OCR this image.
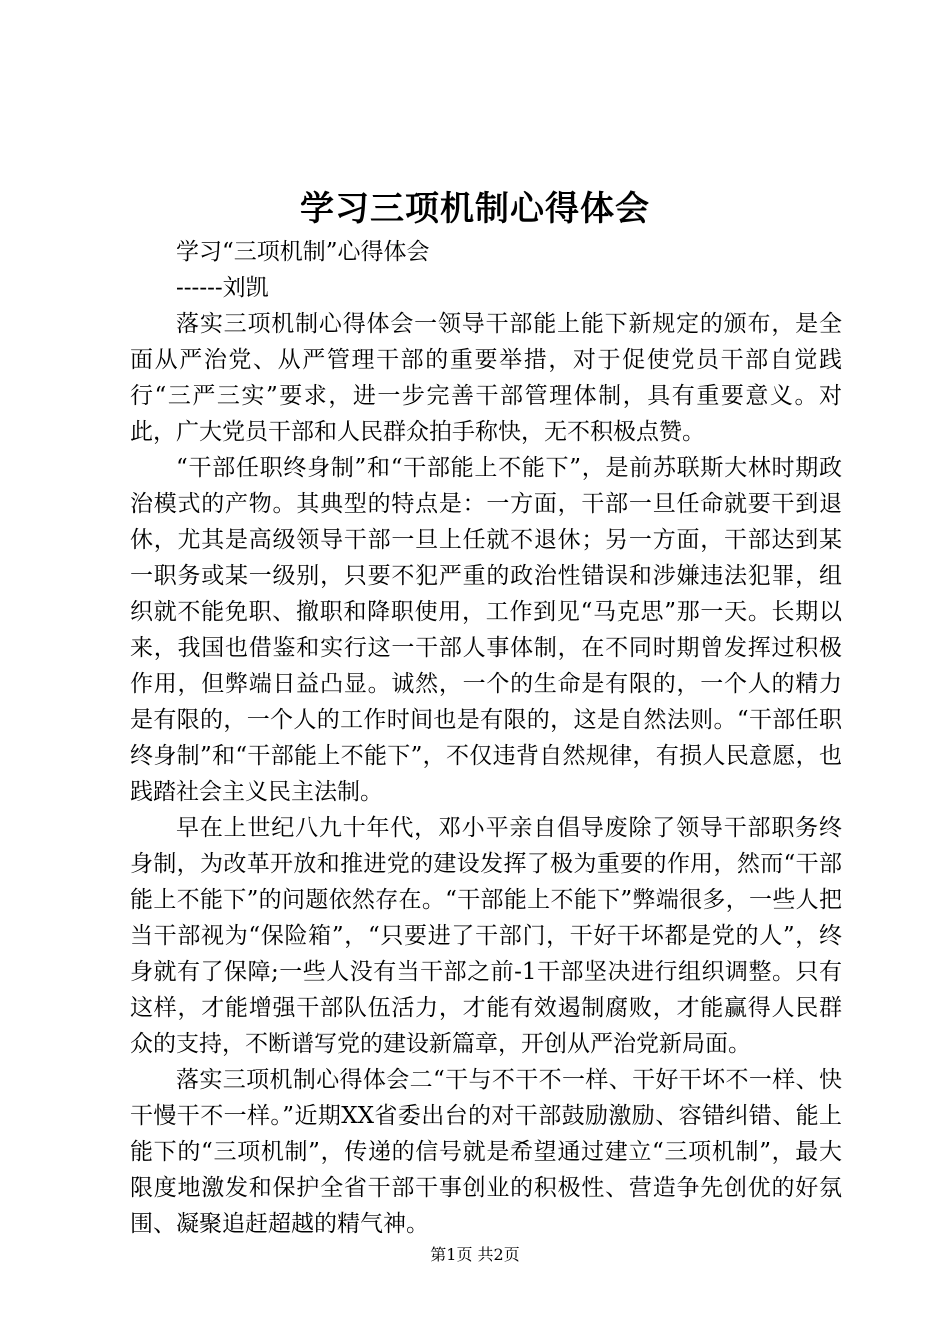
学习三项机制心得体会

学习“三项机制”心得体会

------刘凯

落实三项机制心得体会一领导干部能上能下新规定的颁布，是全面从严治党、从严管理干部的重要举措，对于促使党员干部自觉践行“三严三实”要求，进一步完善干部管理体制，具有重要意义。对此，广大党员干部和人民群众拍手称快，无不积极点赞。

“干部任职终身制”和“干部能上不能下”，是前苏联斯大林时期政治模式的产物。其典型的特点是：一方面，干部一旦任命就要干到退休，尤其是高级领导干部一旦上任就不退休；另一方面，干部达到某一职务或某一级别，只要不犯严重的政治性错误和涉嫌违法犯罪，组织就不能免职、撤职和降职使用，工作到见“马克思”那一天。长期以来，我国也借鉴和实行这一干部人事体制，在不同时期曾发挥过积极作用，但弊端日益凸显。诚然，一个的生命是有限的，一个人的精力是有限的，一个人的工作时间也是有限的，这是自然法则。“干部任职终身制”和“干部能上不能下”，不仅违背自然规律，有损人民意愿，也践踏社会主义民主法制。

早在上世纪八九十年代，邓小平亲自倡导废除了领导干部职务终身制，为改革开放和推进党的建设发挥了极为重要的作用，然而“干部能上不能下”的问题依然存在。“干部能上不能下”弊端很多，一些人把当干部视为“保险箱”，“只要进了干部门，干好干坏都是党的人”，终身就有了保障;一些人没有当干部之前-1干部坚决进行组织调整。只有这样，才能增强干部队伍活力，才能有效遏制腐败，才能赢得人民群众的支持，不断谱写党的建设新篇章，开创从严治党新局面。

落实三项机制心得体会二“干与不干不一样、干好干坏不一样、快干慢干不一样。”近期XX省委出台的对干部鼓励激励、容错纠错、能上能下的“三项机制”，传递的信号就是希望通过建立“三项机制”，最大限度地激发和保护全省干部干事创业的积极性、营造争先创优的好氛围、凝聚追赶超越的精气神。

第1页 共2页
